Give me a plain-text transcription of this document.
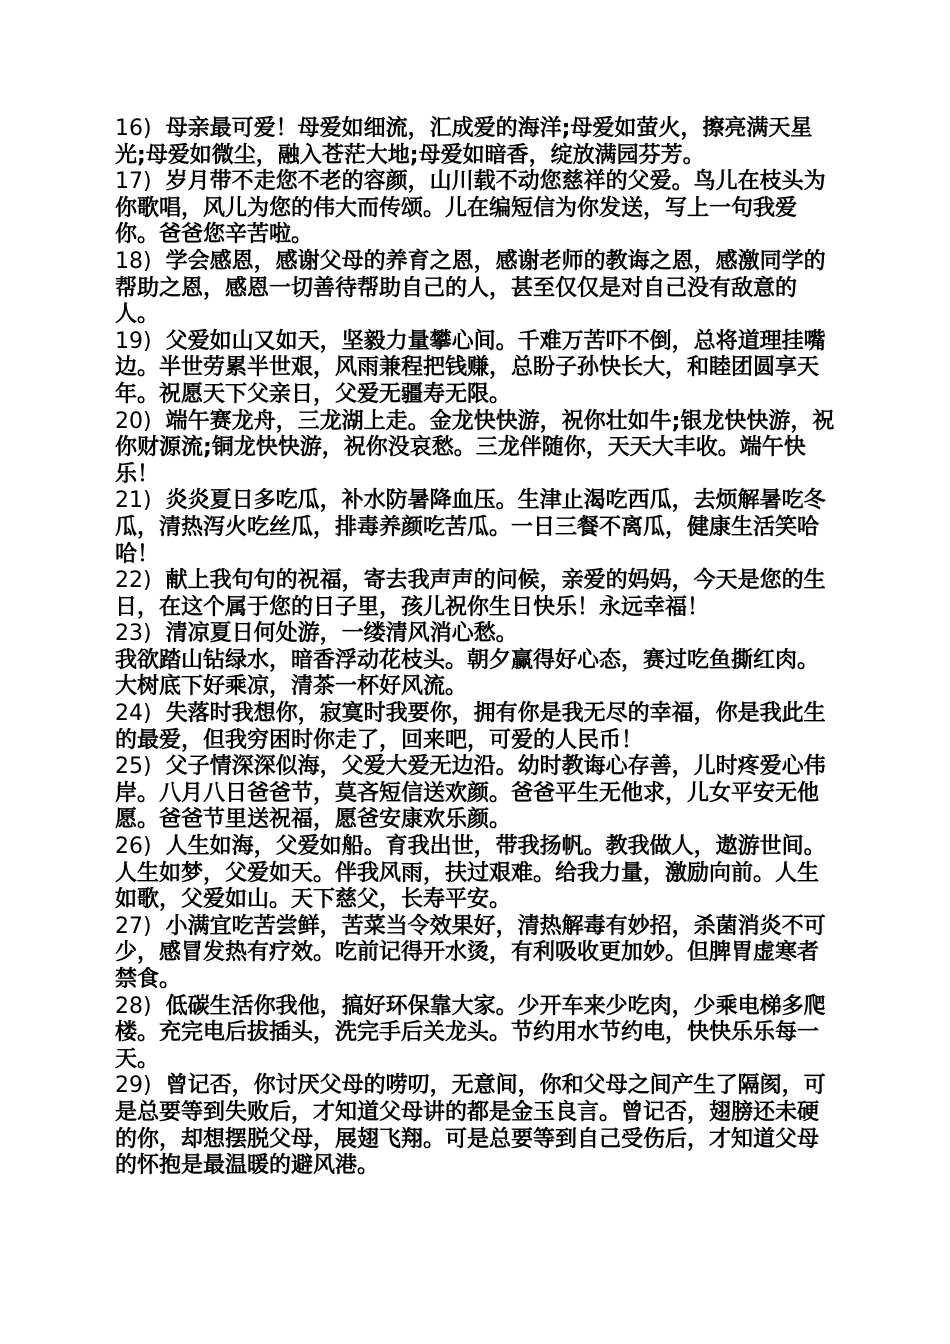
16) 母亲最可爱！母爱如细流，汇成爱的海洋;母爱如萤火，擦亮满天星光;母爱如微尘，融入苍茫大地;母爱如暗香，绽放满园芬芳。

17) 岁月带不走您不老的容颜，山川载不动您慈祥的父爱。鸟儿在枝头为你歌唱，风儿为您的伟大而传颂。儿在编短信为你发送，写上一句我爱你。爸爸您辛苦啦。

18) 学会感恩，感谢父母的养育之恩，感谢老师的教诲之恩，感激同学的帮助之恩，感恩一切善待帮助自己的人，甚至仅仅是对自己没有敌意的人。

19) 父爱如山又如天，坚毅力量攀心间。千难万苦吓不倒，总将道理挂嘴边。半世劳累半世艰，风雨兼程把钱赚，总盼子孙快长大，和睦团圆享天年。祝愿天下父亲日，父爱无疆寿无限。

20) 端午赛龙舟，三龙湖上走。金龙快快游，祝你壮如牛;银龙快快游，祝你财源流;铜龙快快游，祝你没哀愁。三龙伴随你，天天大丰收。端午快乐！

21) 炎炎夏日多吃瓜，补水防暑降血压。生津止渴吃西瓜，去烦解暑吃冬瓜，清热泻火吃丝瓜，排毒养颜吃苦瓜。一日三餐不离瓜，健康生活笑哈哈！

22) 献上我句句的祝福，寄去我声声的问候，亲爱的妈妈，今天是您的生日，在这个属于您的日子里，孩儿祝你生日快乐！永远幸福！

23) 清凉夏日何处游，一缕清风消心愁。

我欲踏山钻绿水，暗香浮动花枝头。朝夕赢得好心态，赛过吃鱼撕红肉。大树底下好乘凉，清茶一杯好风流。

24) 失落时我想你，寂寞时我要你，拥有你是我无尽的幸福，你是我此生的最爱，但我穷困时你走了，回来吧，可爱的人民币！

25) 父子情深深似海，父爱大爱无边沿。幼时教诲心存善，儿时疼爱心伟岸。八月八日爸爸节，莫吝短信送欢颜。爸爸平生无他求，儿女平安无他愿。爸爸节里送祝福，愿爸安康欢乐颜。

26) 人生如海，父爱如船。育我出世，带我扬帆。教我做人，遨游世间。人生如梦，父爱如天。伴我风雨，扶过艰难。给我力量，激励向前。人生如歌，父爱如山。天下慈父，长寿平安。

27) 小满宜吃苦尝鲜，苦菜当令效果好，清热解毒有妙招，杀菌消炎不可少，感冒发热有疗效。吃前记得开水烫，有利吸收更加妙。但脾胃虚寒者禁食。

28) 低碳生活你我他，搞好环保靠大家。少开车来少吃肉，少乘电梯多爬楼。充完电后拔插头，洗完手后关龙头。节约用水节约电，快快乐乐每一天。

29) 曾记否，你讨厌父母的唠叨，无意间，你和父母之间产生了隔阂，可是总要等到失败后，才知道父母讲的都是金玉良言。曾记否，翅膀还未硬的你，却想摆脱父母，展翅飞翔。可是总要等到自己受伤后，才知道父母的怀抱是最温暖的避风港。
